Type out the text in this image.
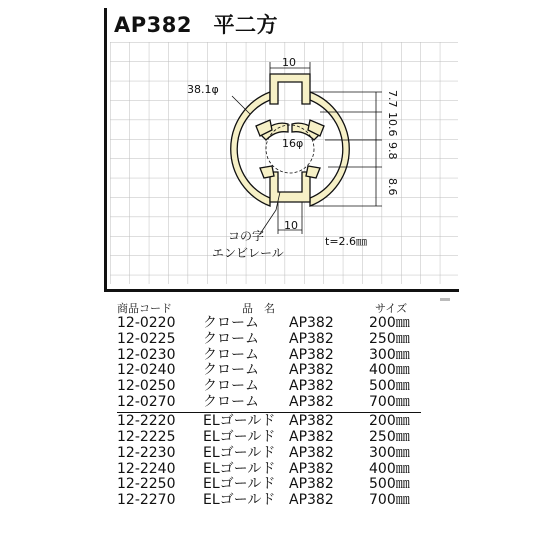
AP382　平二方
10
10
7.7
10.6
9.8
8.6
38.1φ
16φ
コの字
エンビレール
t=2.6㎜
商品コード	品　名	サイズ
12-0220 クローム AP382	200㎜
12-0225 クローム AP382	250㎜
12-0230 クローム AP382	300㎜
12-0240 クローム AP382	400㎜
12-0250 クローム AP382	500㎜
12-0270 クローム AP382	700㎜
12-2220 ELゴールド AP382	200㎜
12-2225 ELゴールド AP382	250㎜
12-2230 ELゴールド AP382	300㎜
12-2240 ELゴールド AP382	400㎜
12-2250 ELゴールド AP382	500㎜
12-2270 ELゴールド AP382	700㎜
